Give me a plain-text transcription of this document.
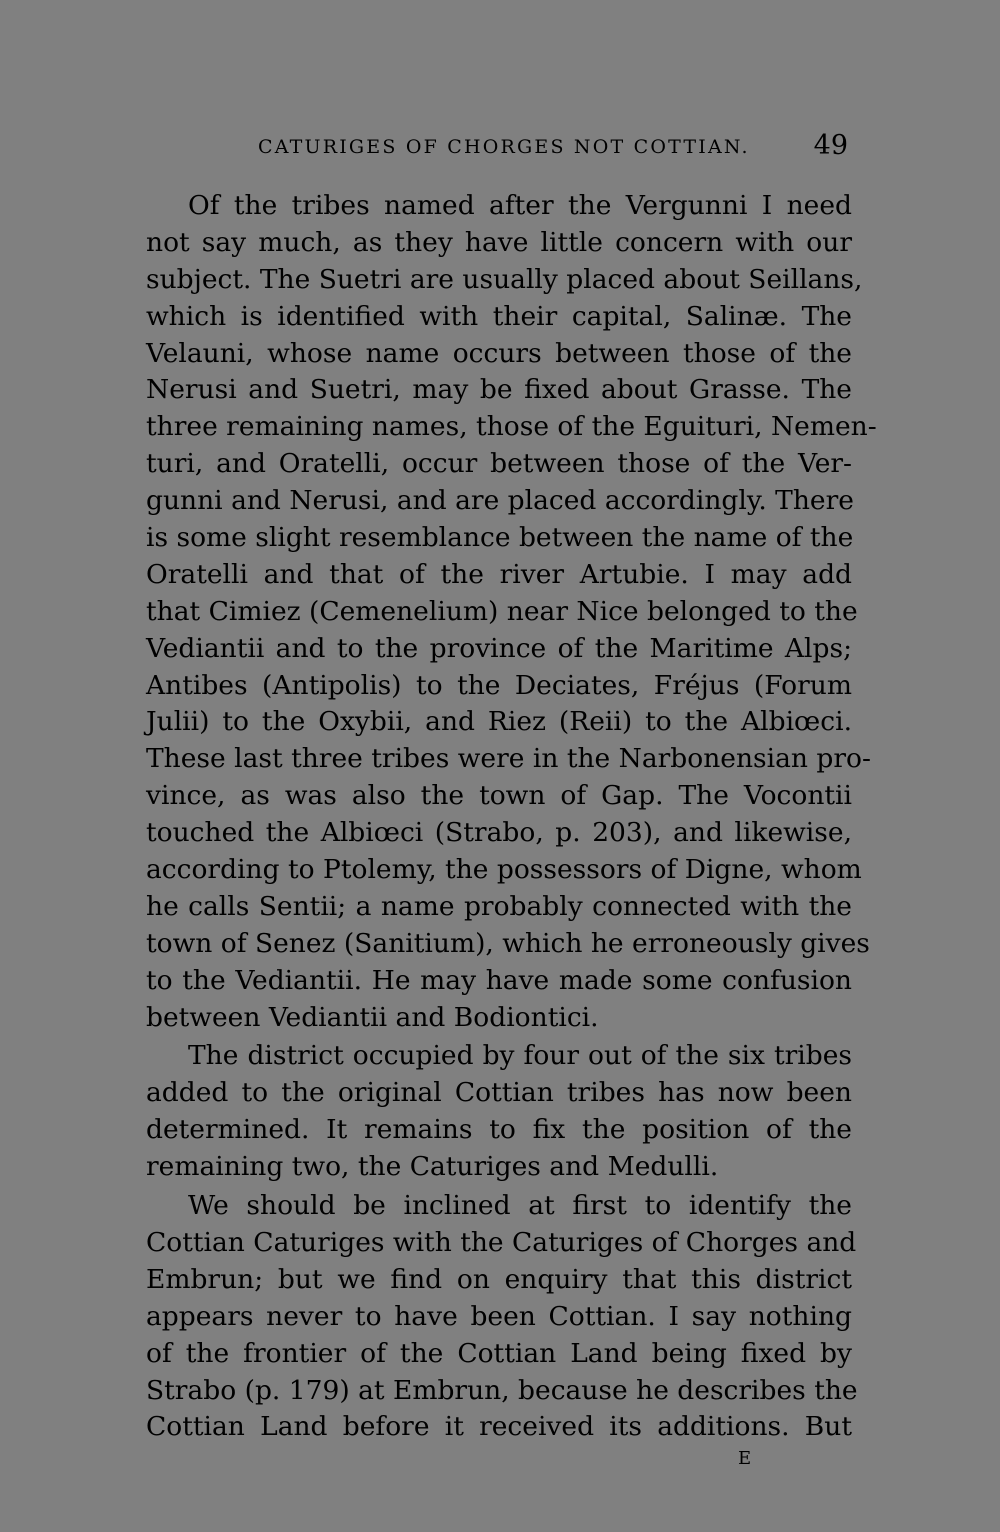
CATURIGES OF CHORGES NOT COTTIAN. 49
Of the tribes named after the Vergunni I need
not say much, as they have little concern with our
subject. The Suetri are usually placed about Seillans,
which is identified with their capital, Salinæ. The
Velauni, whose name occurs between those of the
Nerusi and Suetri, may be fixed about Grasse. The
three remaining names, those of the Eguituri, Nemen-
turi, and Oratelli, occur between those of the Ver-
gunni and Nerusi, and are placed accordingly. There
is some slight resemblance between the name of the
Oratelli and that of the river Artubie. I may add
that Cimiez (Cemenelium) near Nice belonged to the
Vediantii and to the province of the Maritime Alps;
Antibes (Antipolis) to the Deciates, Fréjus (Forum
Julii) to the Oxybii, and Riez (Reii) to the Albiœci.
These last three tribes were in the Narbonensian pro-
vince, as was also the town of Gap. The Vocontii
touched the Albiœci (Strabo, p. 203), and likewise,
according to Ptolemy, the possessors of Digne, whom
he calls Sentii; a name probably connected with the
town of Senez (Sanitium), which he erroneously gives
to the Vediantii. He may have made some confusion
between Vediantii and Bodiontici.
The district occupied by four out of the six tribes
added to the original Cottian tribes has now been
determined. It remains to fix the position of the
remaining two, the Caturiges and Medulli.
We should be inclined at first to identify the
Cottian Caturiges with the Caturiges of Chorges and
Embrun; but we find on enquiry that this district
appears never to have been Cottian. I say nothing
of the frontier of the Cottian Land being fixed by
Strabo (p. 179) at Embrun, because he describes the
Cottian Land before it received its additions. But
E
